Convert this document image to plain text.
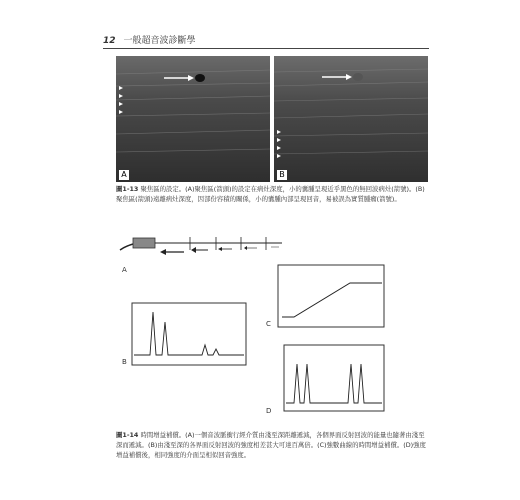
12 一般超音波診斷學
A	B
圖1-13 聚焦區的設定。(A)聚焦區(箭頭)的設定在病灶深度，小的囊腫呈現近乎黑色的無回波病灶(箭號)。(B)聚焦區(箭頭)遠離病灶深度，因部份容積的關係，小的囊腫內部呈現回音，易被誤為實質腫瘤(箭號)。
A
B
C
D
圖1-14 時間增益補償。(A)一個音波脈衝行經介質由淺至深距離遞減，各個界面反射回波的能量也隨著由淺至深而遞減。(B)由淺至深的各界面反射回波的強度相差甚大可達百萬倍。(C)強數曲線的時間增益補償。(D)強度增益補償後，相同強度的介面呈相似回音強度。
